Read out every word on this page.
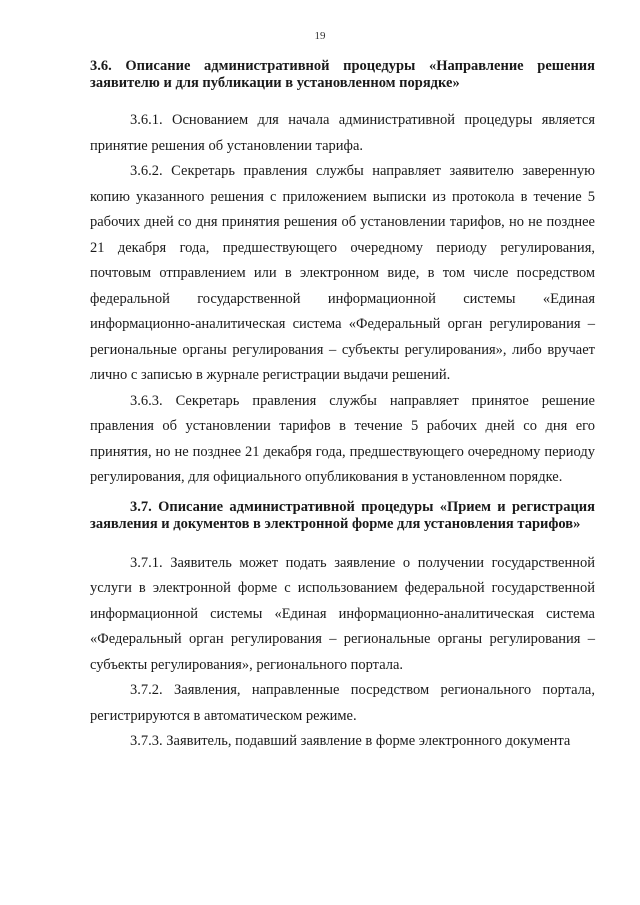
19

3.6. Описание административной процедуры «Направление решения заявителю и для публикации в установленном порядке»

3.6.1. Основанием для начала административной процедуры является принятие решения об установлении тарифа.

3.6.2. Секретарь правления службы направляет заявителю заверенную копию указанного решения с приложением выписки из протокола в течение 5 рабочих дней со дня принятия решения об установлении тарифов, но не позднее 21 декабря года, предшествующего очередному периоду регулирования, почтовым отправлением или в электронном виде, в том числе посредством федеральной государственной информационной системы «Единая информационно-аналитическая система «Федеральный орган регулирования – региональные органы регулирования – субъекты регулирования», либо вручает лично с записью в журнале регистрации выдачи решений.

3.6.3. Секретарь правления службы направляет принятое решение правления об установлении тарифов в течение 5 рабочих дней со дня его принятия, но не позднее 21 декабря года, предшествующего очередному периоду регулирования, для официального опубликования в установленном порядке.

3.7. Описание административной процедуры «Прием и регистрация заявления и документов в электронной форме для установления тарифов»

3.7.1. Заявитель может подать заявление о получении государственной услуги в электронной форме с использованием федеральной государственной информационной системы «Единая информационно-аналитическая система «Федеральный орган регулирования – региональные органы регулирования – субъекты регулирования», регионального портала.

3.7.2. Заявления, направленные посредством регионального портала, регистрируются в автоматическом режиме.

3.7.3. Заявитель, подавший заявление в форме электронного документа
